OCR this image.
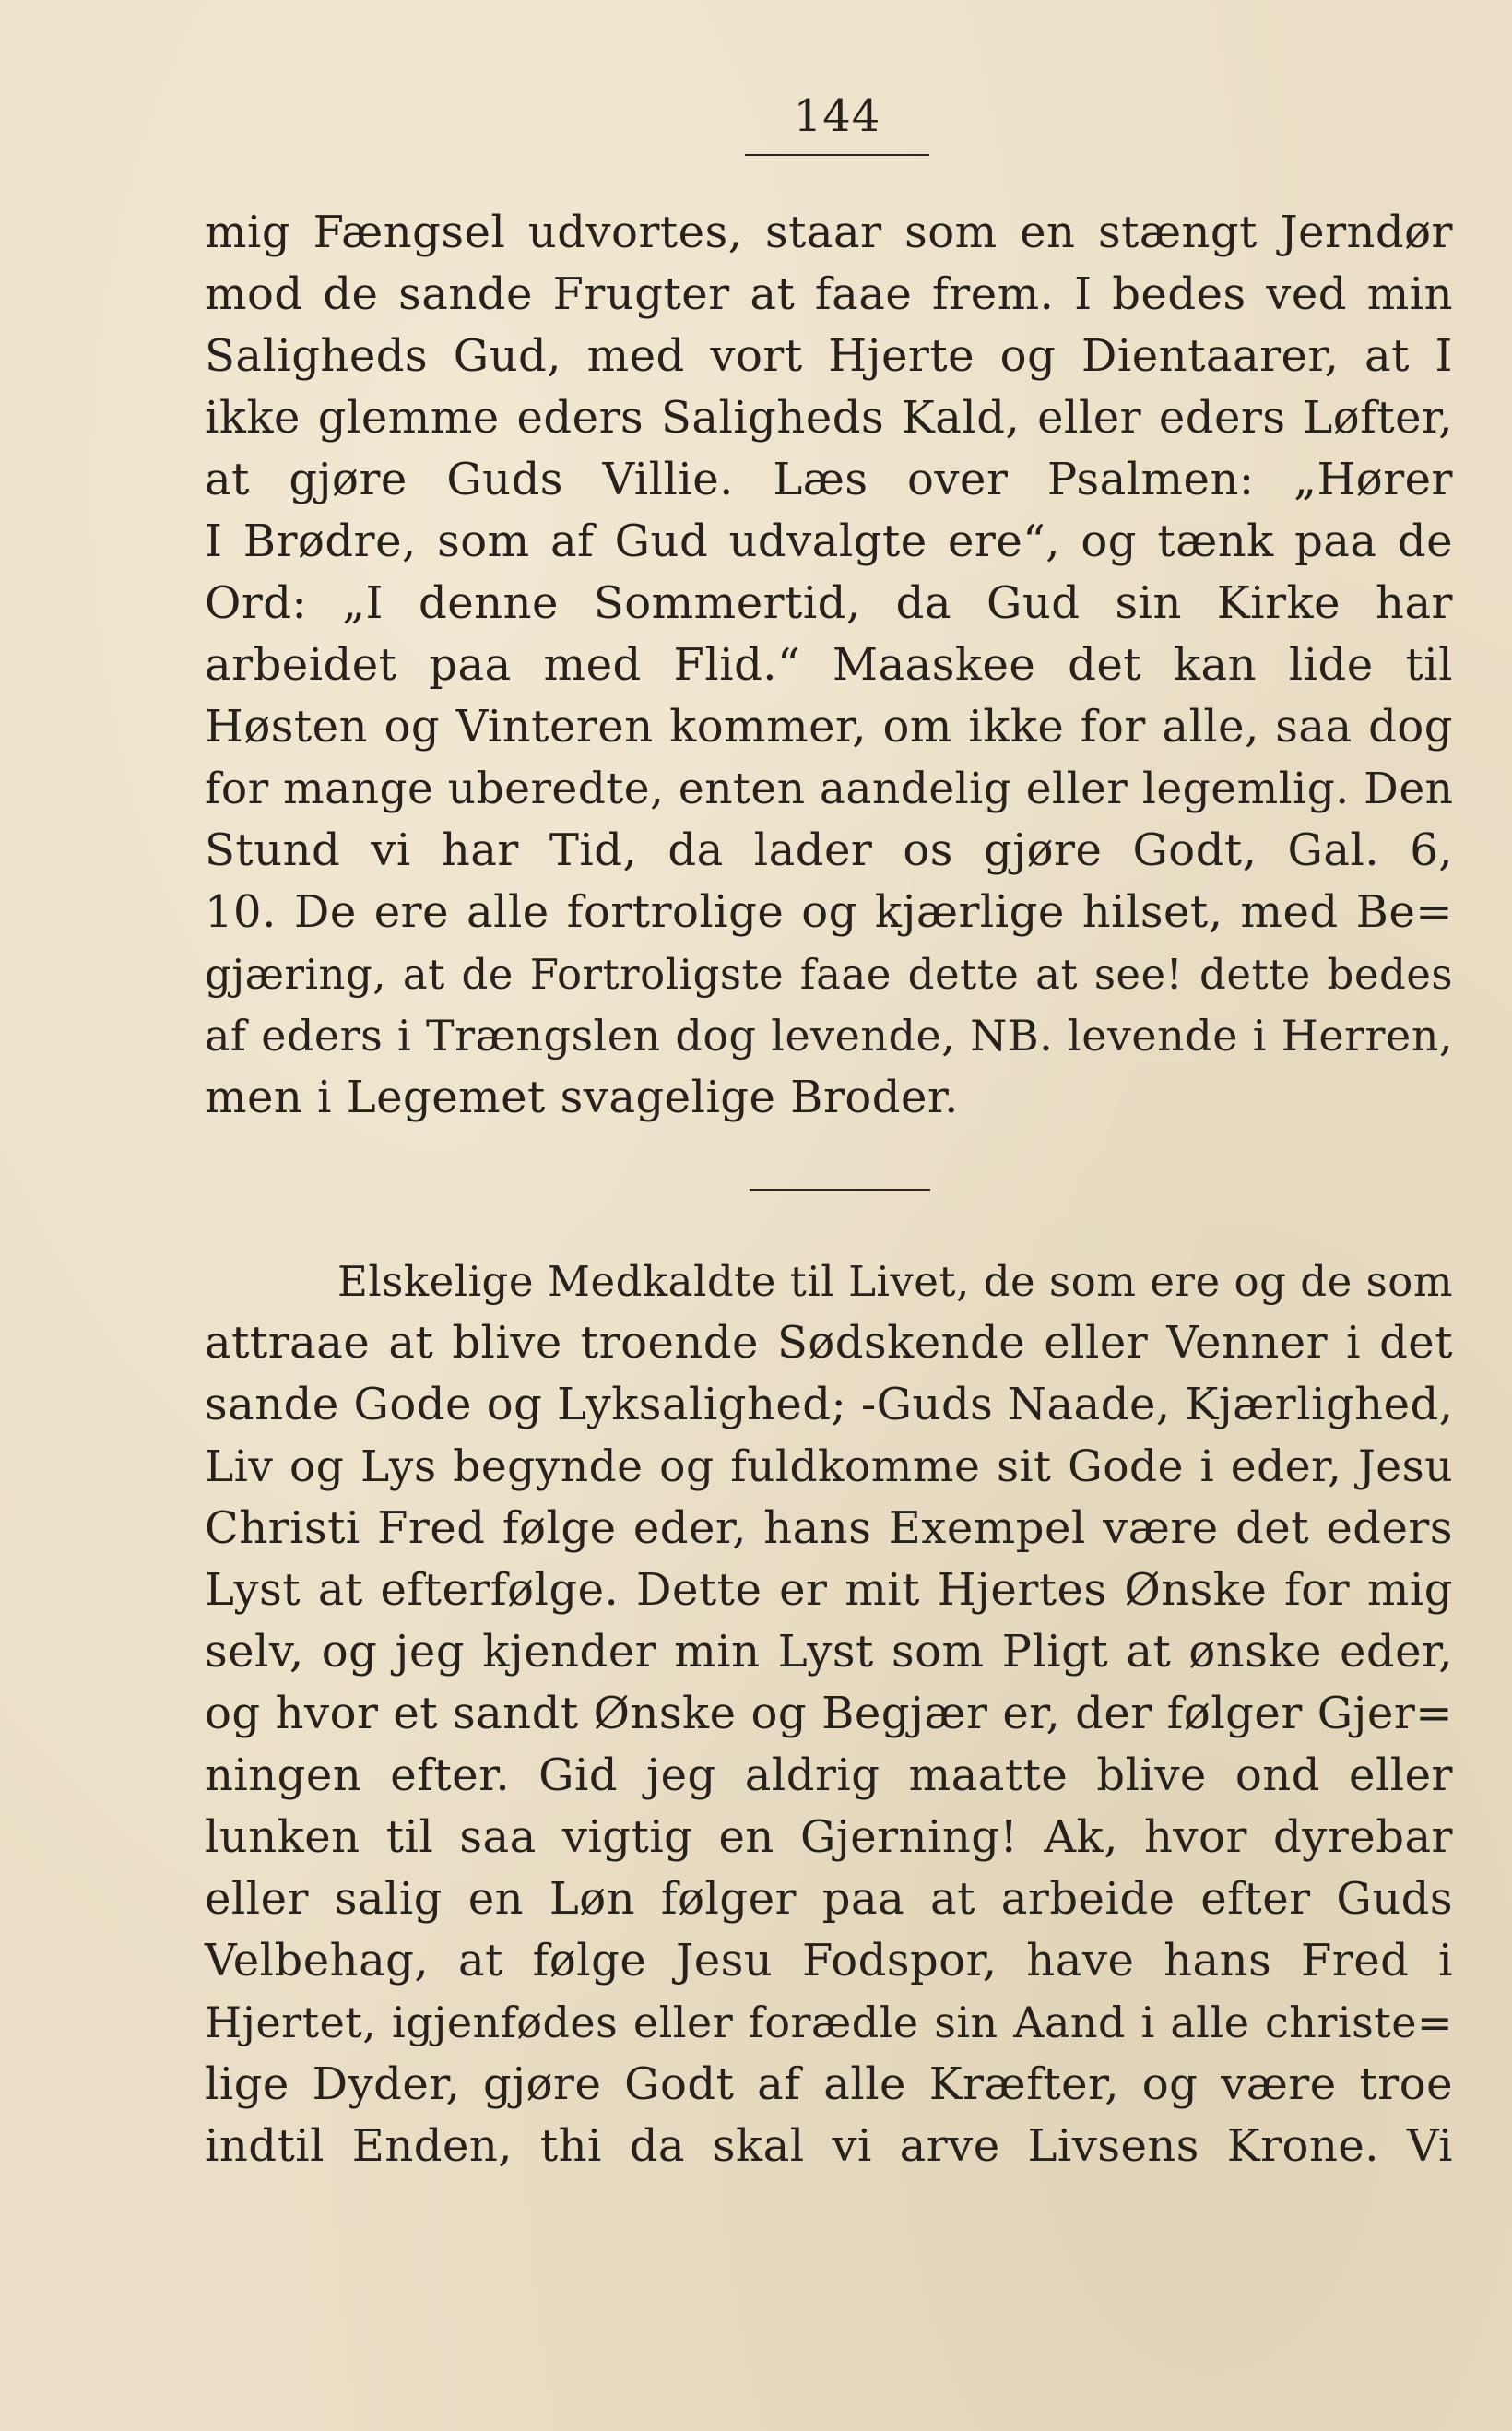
144
mig Fængsel udvortes, staar som en stængt Jerndør
mod de sande Frugter at faae frem. I bedes ved min
Saligheds Gud, med vort Hjerte og Dientaarer, at I
ikke glemme eders Saligheds Kald, eller eders Løfter,
at gjøre Guds Villie. Læs over Psalmen: „Hører
I Brødre, som af Gud udvalgte ere“, og tænk paa de
Ord: „I denne Sommertid, da Gud sin Kirke har
arbeidet paa med Flid.“ Maaskee det kan lide til
Høsten og Vinteren kommer, om ikke for alle, saa dog
for mange uberedte, enten aandelig eller legemlig. Den
Stund vi har Tid, da lader os gjøre Godt, Gal. 6,
10. De ere alle fortrolige og kjærlige hilset, med Be=
gjæring, at de Fortroligste faae dette at see! dette bedes
af eders i Trængslen dog levende, NB. levende i Herren,
men i Legemet svagelige Broder.
Elskelige Medkaldte til Livet, de som ere og de som
attraae at blive troende Sødskende eller Venner i det
sande Gode og Lyksalighed; -Guds Naade, Kjærlighed,
Liv og Lys begynde og fuldkomme sit Gode i eder, Jesu
Christi Fred følge eder, hans Exempel være det eders
Lyst at efterfølge. Dette er mit Hjertes Ønske for mig
selv, og jeg kjender min Lyst som Pligt at ønske eder,
og hvor et sandt Ønske og Begjær er, der følger Gjer=
ningen efter. Gid jeg aldrig maatte blive ond eller
lunken til saa vigtig en Gjerning! Ak, hvor dyrebar
eller salig en Løn følger paa at arbeide efter Guds
Velbehag, at følge Jesu Fodspor, have hans Fred i
Hjertet, igjenfødes eller forædle sin Aand i alle christe=
lige Dyder, gjøre Godt af alle Kræfter, og være troe
indtil Enden, thi da skal vi arve Livsens Krone. Vi
